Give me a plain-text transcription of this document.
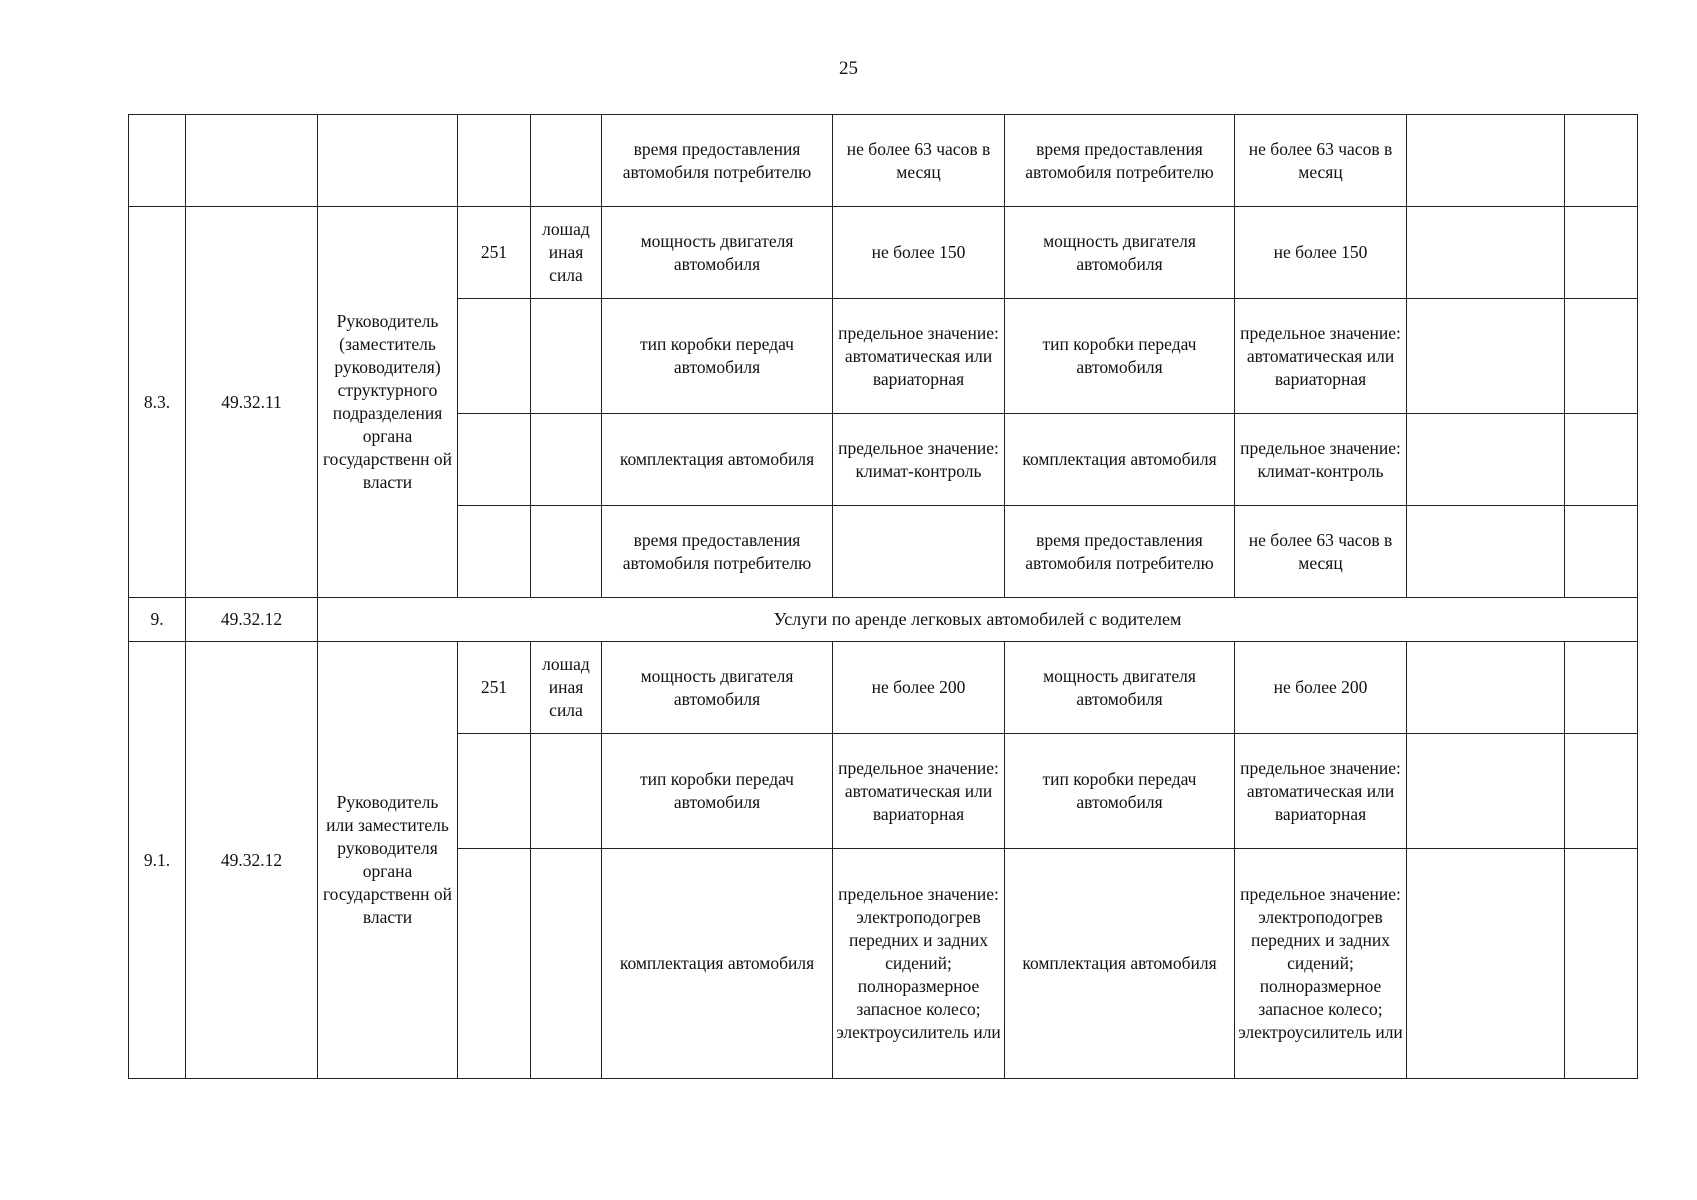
25
					время предоставления автомобиля потребителю	не более 63 часов в месяц	время предоставления автомобиля потребителю	не более 63 часов в месяц		
8.3.	49.32.11	Руководитель (заместитель руководителя) структурного подразделения органа государственн ой власти	251	лошад иная сила	мощность двигателя автомобиля	не более 150	мощность двигателя автомобиля	не более 150		
					тип коробки передач автомобиля	предельное значение: автоматическая или вариаторная	тип коробки передач автомобиля	предельное значение: автоматическая или вариаторная		
					комплектация автомобиля	предельное значение: климат-контроль	комплектация автомобиля	предельное значение: климат-контроль		
					время предоставления автомобиля потребителю		время предоставления автомобиля потребителю	не более 63 часов в месяц		
9.	49.32.12	Услуги по аренде легковых автомобилей с водителем								
9.1.	49.32.12	Руководитель или заместитель руководителя органа государственн ой власти	251	лошад иная сила	мощность двигателя автомобиля	не более 200	мощность двигателя автомобиля	не более 200		
					тип коробки передач автомобиля	предельное значение: автоматическая или вариаторная	тип коробки передач автомобиля	предельное значение: автоматическая или вариаторная		
					комплектация автомобиля	предельное значение: электроподогрев передних и задних сидений; полноразмерное запасное колесо; электроусилитель или	комплектация автомобиля	предельное значение: электроподогрев передних и задних сидений; полноразмерное запасное колесо; электроусилитель или		
